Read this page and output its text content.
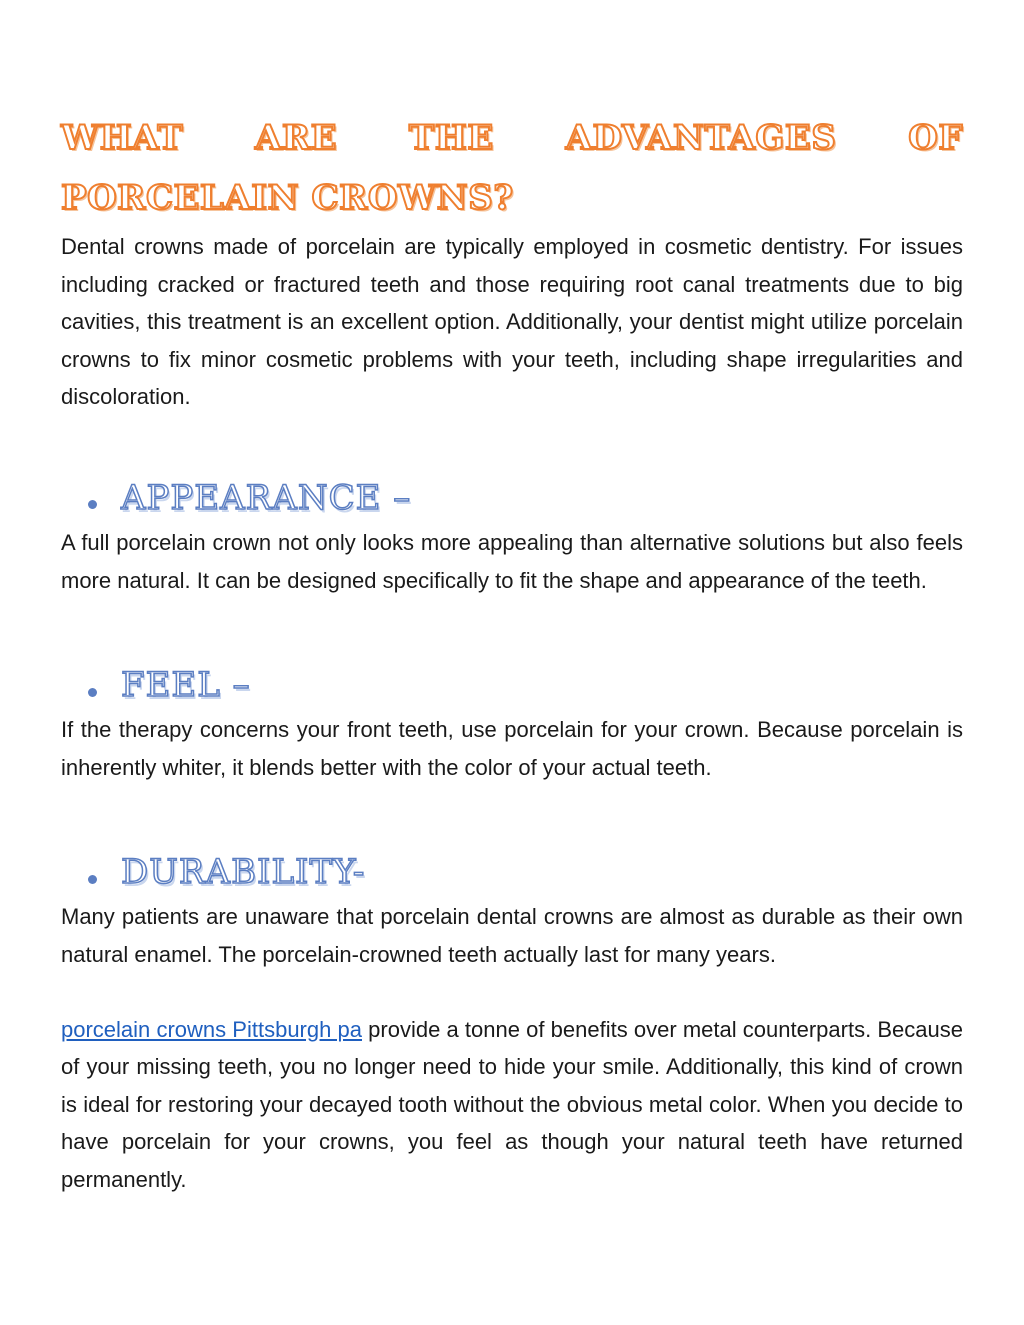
WHAT ARE THE ADVANTAGES OF PORCELAIN CROWNS?

Dental crowns made of porcelain are typically employed in cosmetic dentistry. For issues including cracked or fractured teeth and those requiring root canal treatments due to big cavities, this treatment is an excellent option. Additionally, your dentist might utilize porcelain crowns to fix minor cosmetic problems with your teeth, including shape irregularities and discoloration.

APPEARANCE –

A full porcelain crown not only looks more appealing than alternative solutions but also feels more natural. It can be designed specifically to fit the shape and appearance of the teeth.

FEEL –

If the therapy concerns your front teeth, use porcelain for your crown. Because porcelain is inherently whiter, it blends better with the color of your actual teeth.

DURABILITY-

Many patients are unaware that porcelain dental crowns are almost as durable as their own natural enamel. The porcelain-crowned teeth actually last for many years.

porcelain crowns Pittsburgh pa provide a tonne of benefits over metal counterparts. Because of your missing teeth, you no longer need to hide your smile. Additionally, this kind of crown is ideal for restoring your decayed tooth without the obvious metal color. When you decide to have porcelain for your crowns, you feel as though your natural teeth have returned permanently.
